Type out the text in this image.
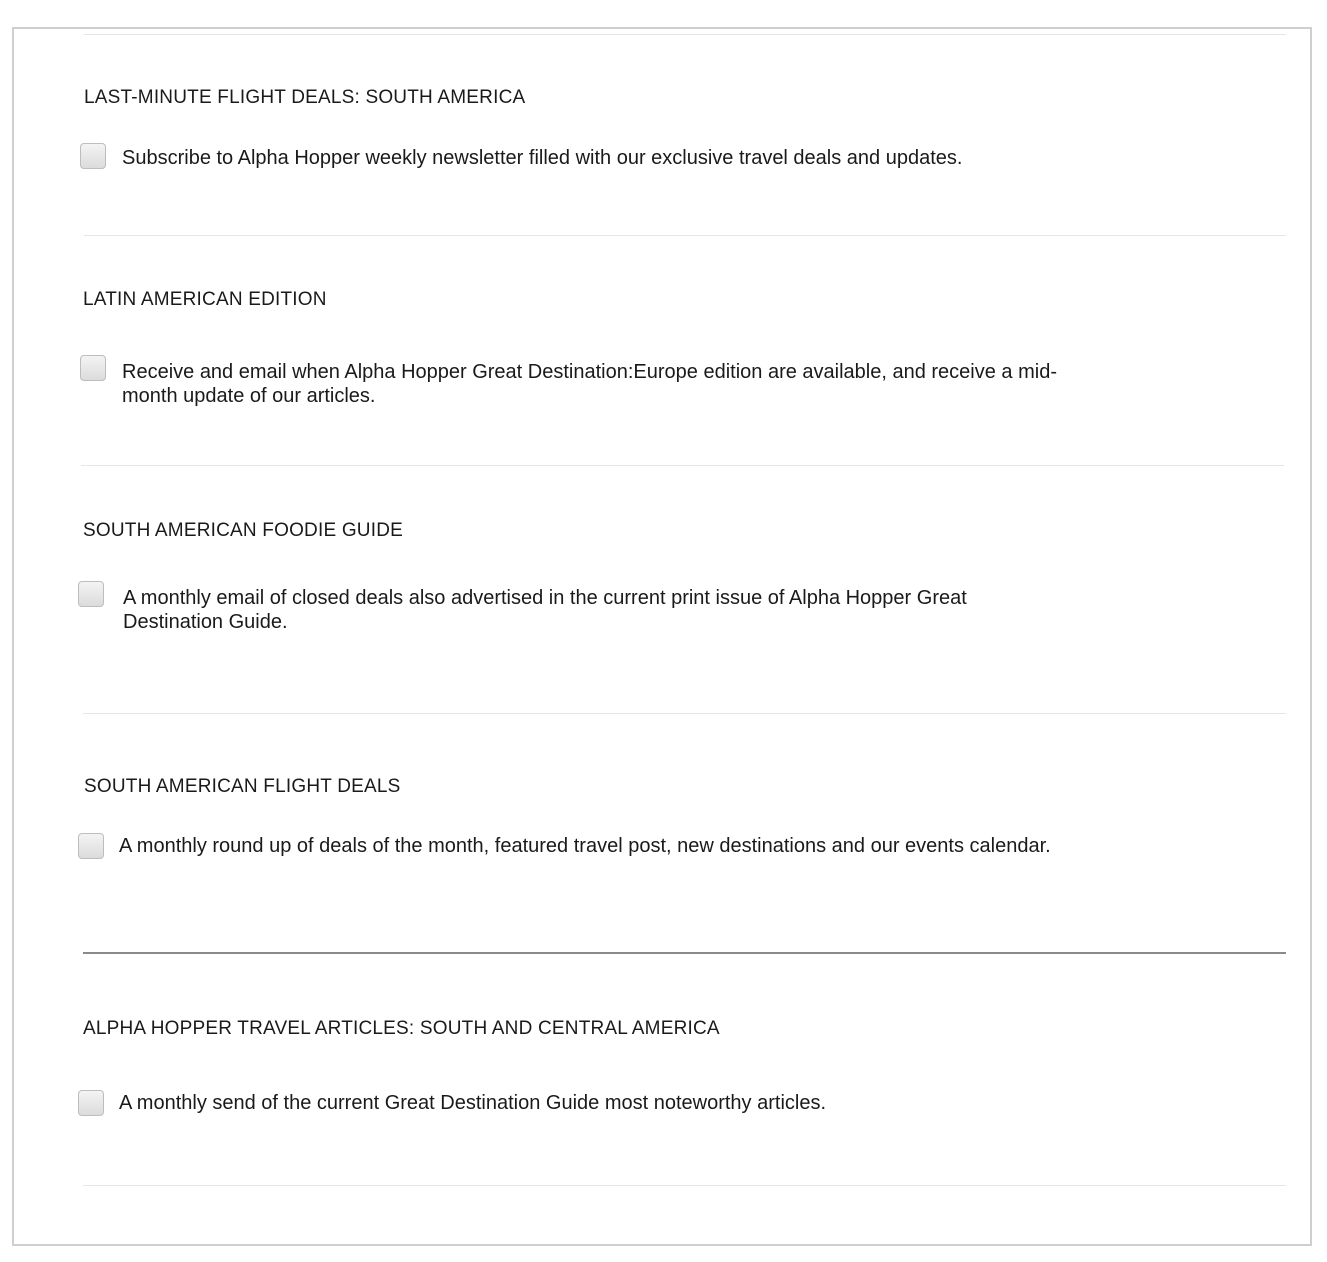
LAST-MINUTE FLIGHT DEALS: SOUTH AMERICA

Subscribe to Alpha Hopper weekly newsletter filled with our exclusive travel deals and updates.

LATIN AMERICAN EDITION

Receive and email when Alpha Hopper Great Destination:Europe edition are available, and receive a mid-month update of our articles.

SOUTH AMERICAN FOODIE GUIDE

A monthly email of closed deals also advertised in the current print issue of Alpha Hopper Great Destination Guide.

SOUTH AMERICAN FLIGHT DEALS

A monthly round up of deals of the month, featured travel post, new destinations and our events calendar.

ALPHA HOPPER TRAVEL ARTICLES: SOUTH AND CENTRAL AMERICA

A monthly send of the current Great Destination Guide most noteworthy articles.
